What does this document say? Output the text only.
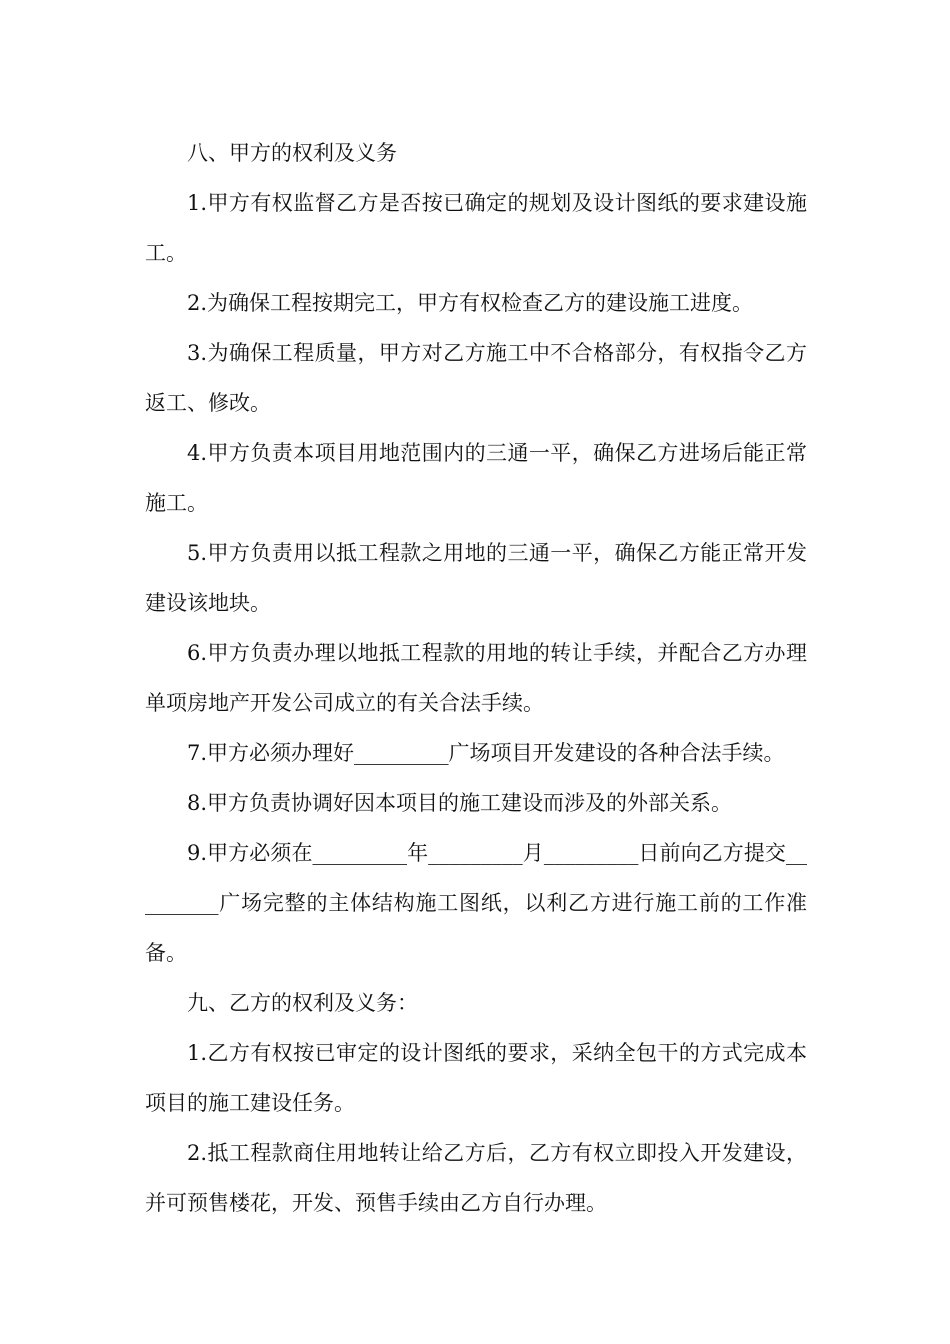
八、甲方的权利及义务

1.甲方有权监督乙方是否按已确定的规划及设计图纸的要求建设施工。

2.为确保工程按期完工，甲方有权检查乙方的建设施工进度。

3.为确保工程质量，甲方对乙方施工中不合格部分，有权指令乙方返工、修改。

4.甲方负责本项目用地范围内的三通一平，确保乙方进场后能正常施工。

5.甲方负责用以抵工程款之用地的三通一平，确保乙方能正常开发建设该地块。

6.甲方负责办理以地抵工程款的用地的转让手续，并配合乙方办理单项房地产开发公司成立的有关合法手续。

7.甲方必须办理好_________广场项目开发建设的各种合法手续。

8.甲方负责协调好因本项目的施工建设而涉及的外部关系。

9.甲方必须在_________年_________月_________日前向乙方提交_________广场完整的主体结构施工图纸，以利乙方进行施工前的工作准备。

九、乙方的权利及义务：

1.乙方有权按已审定的设计图纸的要求，采纳全包干的方式完成本项目的施工建设任务。

2.抵工程款商住用地转让给乙方后，乙方有权立即投入开发建设，并可预售楼花，开发、预售手续由乙方自行办理。
